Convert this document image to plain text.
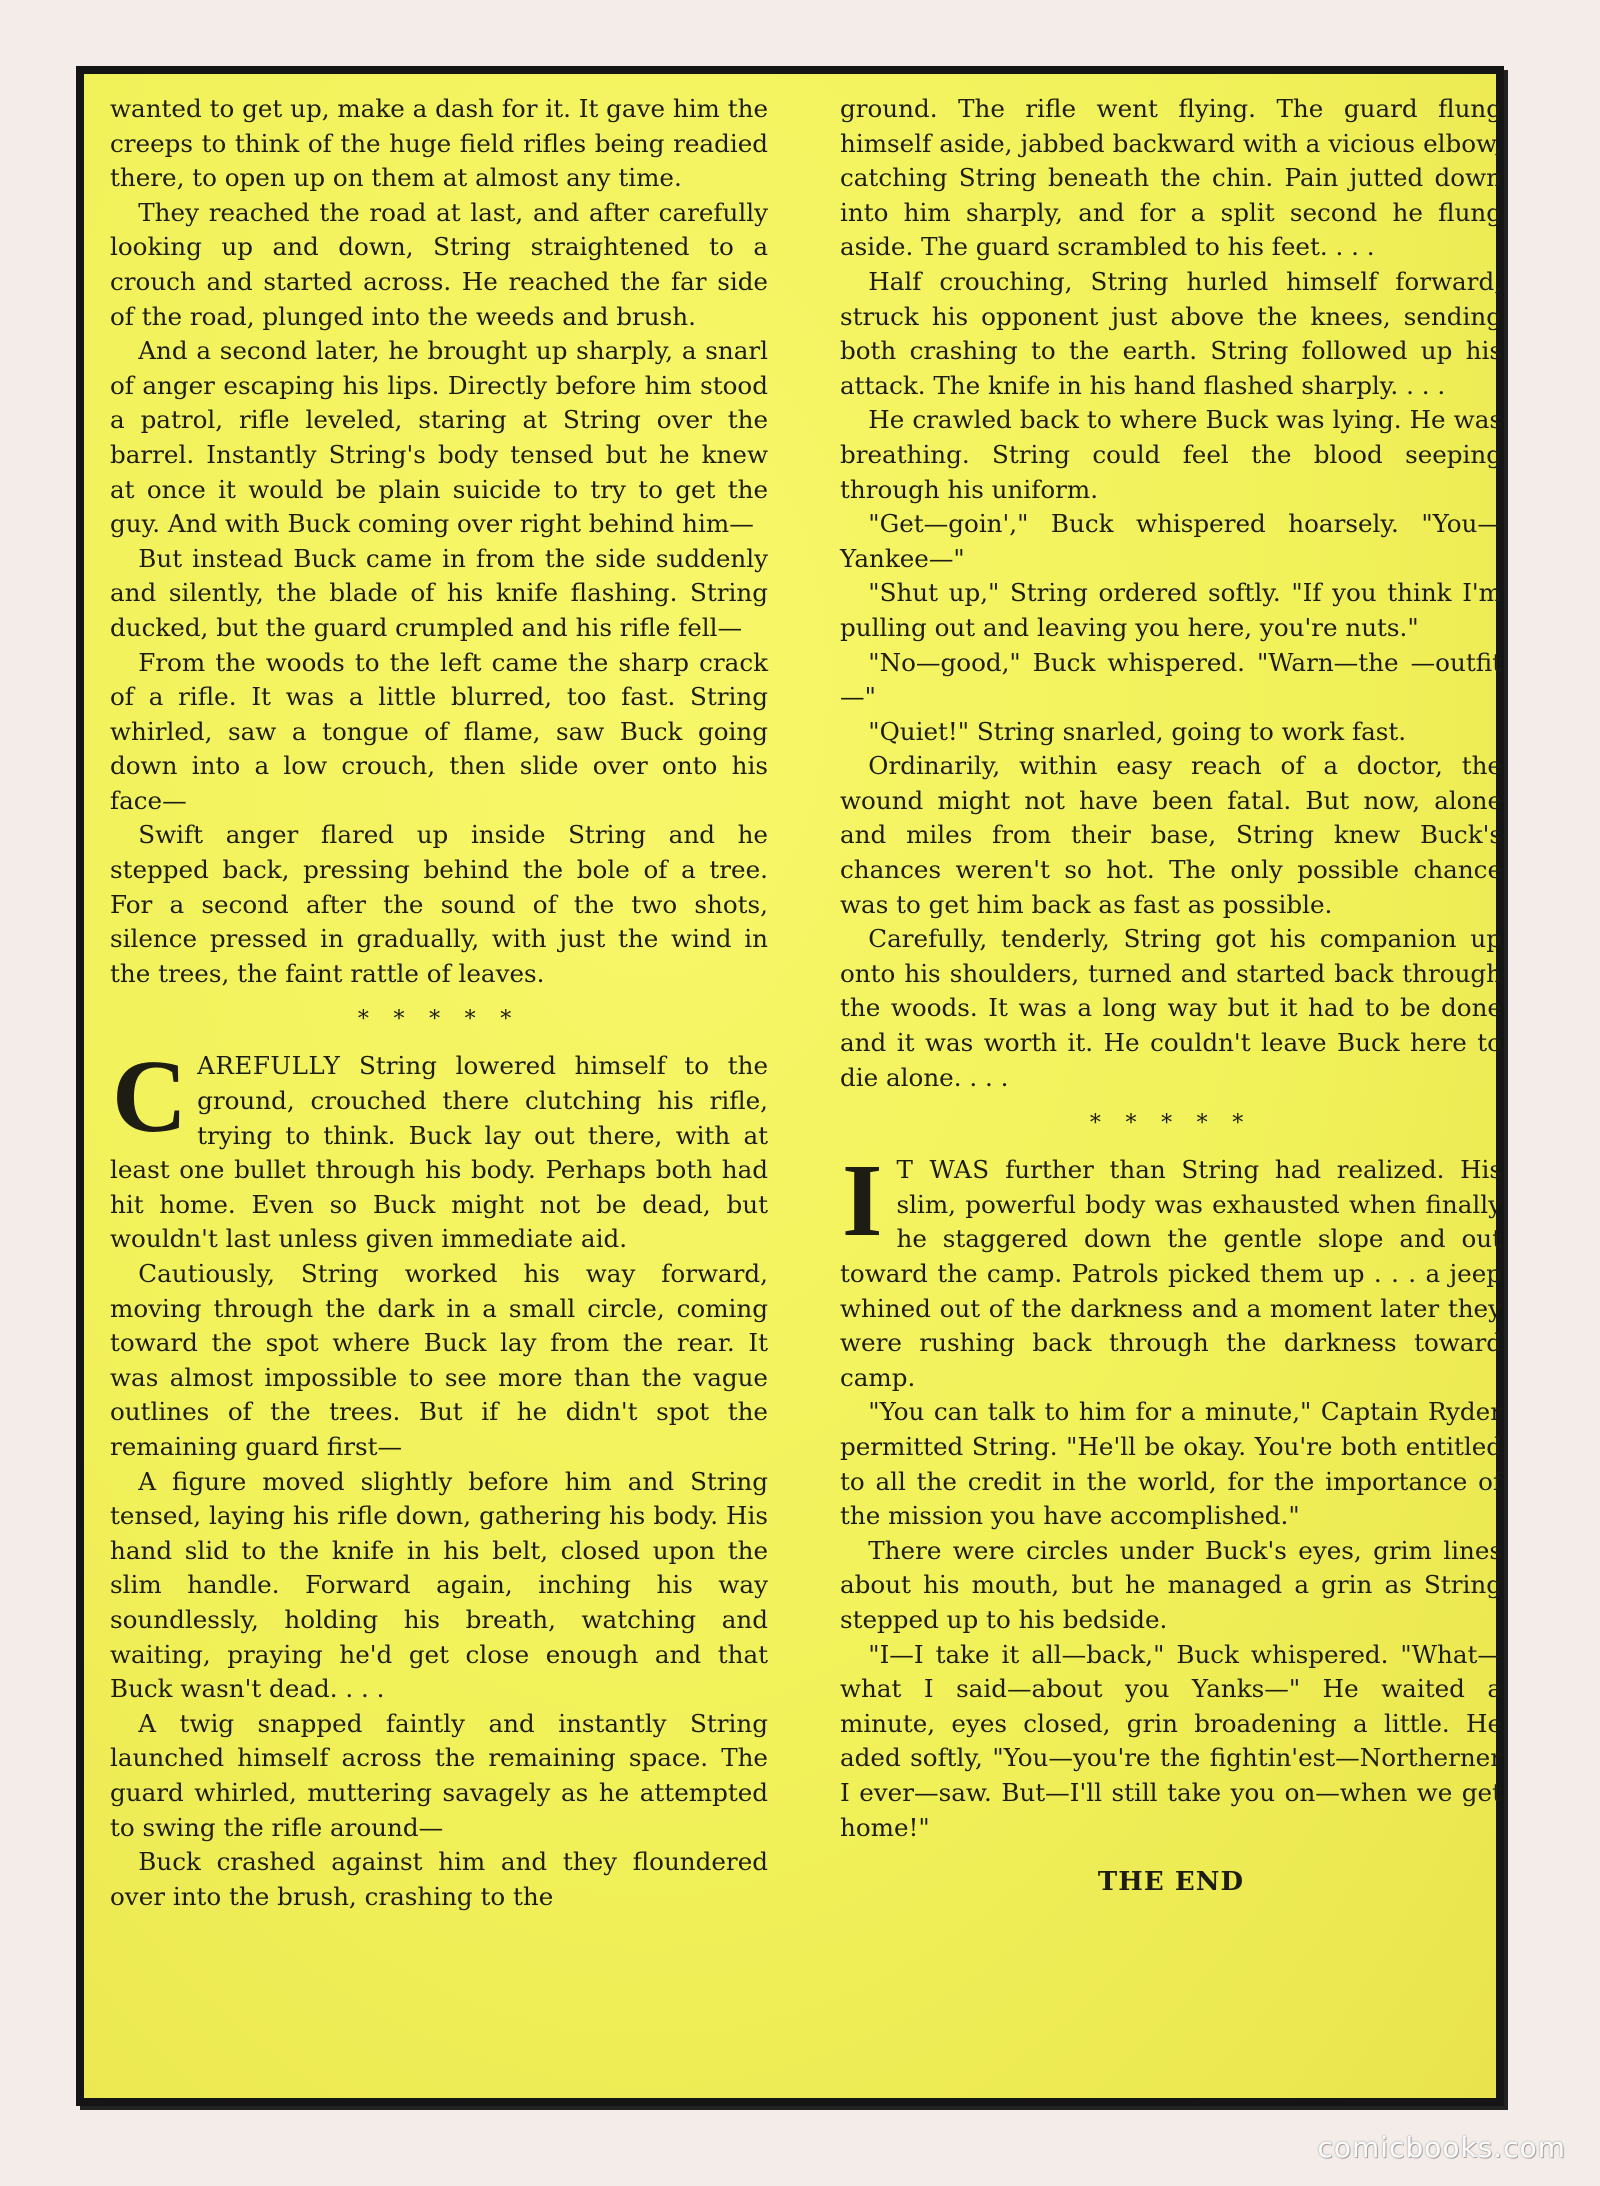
wanted to get up, make a dash for it. It gave him the creeps to think of the huge field rifles being readied there, to open up on them at almost any time.

They reached the road at last, and after carefully looking up and down, String straightened to a crouch and started across. He reached the far side of the road, plunged into the weeds and brush.

And a second later, he brought up sharply, a snarl of anger escaping his lips. Directly before him stood a patrol, rifle leveled, staring at String over the barrel. Instantly String's body tensed but he knew at once it would be plain suicide to try to get the guy. And with Buck coming over right behind him—

But instead Buck came in from the side suddenly and silently, the blade of his knife flashing. String ducked, but the guard crumpled and his rifle fell—

From the woods to the left came the sharp crack of a rifle. It was a little blurred, too fast. String whirled, saw a tongue of flame, saw Buck going down into a low crouch, then slide over onto his face—

Swift anger flared up inside String and he stepped back, pressing behind the bole of a tree. For a second after the sound of the two shots, silence pressed in gradually, with just the wind in the trees, the faint rattle of leaves.

* * * * *

CAREFULLY String lowered himself to the ground, crouched there clutching his rifle, trying to think. Buck lay out there, with at least one bullet through his body. Perhaps both had hit home. Even so Buck might not be dead, but wouldn't last unless given immediate aid.

Cautiously, String worked his way forward, moving through the dark in a small circle, coming toward the spot where Buck lay from the rear. It was almost impossible to see more than the vague outlines of the trees. But if he didn't spot the remaining guard first—

A figure moved slightly before him and String tensed, laying his rifle down, gathering his body. His hand slid to the knife in his belt, closed upon the slim handle. Forward again, inching his way soundlessly, holding his breath, watching and waiting, praying he'd get close enough and that Buck wasn't dead. . . .

A twig snapped faintly and instantly String launched himself across the remaining space. The guard whirled, muttering savagely as he attempted to swing the rifle around—

Buck crashed against him and they floundered over into the brush, crashing to the

ground. The rifle went flying. The guard flung himself aside, jabbed backward with a vicious elbow, catching String beneath the chin. Pain jutted down into him sharply, and for a split second he flung aside. The guard scrambled to his feet. . . .

Half crouching, String hurled himself forward, struck his opponent just above the knees, sending both crashing to the earth. String followed up his attack. The knife in his hand flashed sharply. . . .

He crawled back to where Buck was lying. He was breathing. String could feel the blood seeping through his uniform.

"Get—goin'," Buck whispered hoarsely. "You—Yankee—"

"Shut up," String ordered softly. "If you think I'm pulling out and leaving you here, you're nuts."

"No—good," Buck whispered. "Warn—the —outfit—"

"Quiet!" String snarled, going to work fast.

Ordinarily, within easy reach of a doctor, the wound might not have been fatal. But now, alone and miles from their base, String knew Buck's chances weren't so hot. The only possible chance was to get him back as fast as possible.

Carefully, tenderly, String got his companion up onto his shoulders, turned and started back through the woods. It was a long way but it had to be done and it was worth it. He couldn't leave Buck here to die alone. . . .

* * * * *

I T WAS further than String had realized. His slim, powerful body was exhausted when finally he staggered down the gentle slope and out toward the camp. Patrols picked them up . . . a jeep whined out of the darkness and a moment later they were rushing back through the darkness toward camp.

"You can talk to him for a minute," Captain Ryder permitted String. "He'll be okay. You're both entitled to all the credit in the world, for the importance of the mission you have accomplished."

There were circles under Buck's eyes, grim lines about his mouth, but he managed a grin as String stepped up to his bedside.

"I—I take it all—back," Buck whispered. "What—what I said—about you Yanks—" He waited a minute, eyes closed, grin broadening a little. He aded softly, "You—you're the fightin'est—Northerner I ever—saw. But—I'll still take you on—when we get home!"

THE END
comicbooks.com
